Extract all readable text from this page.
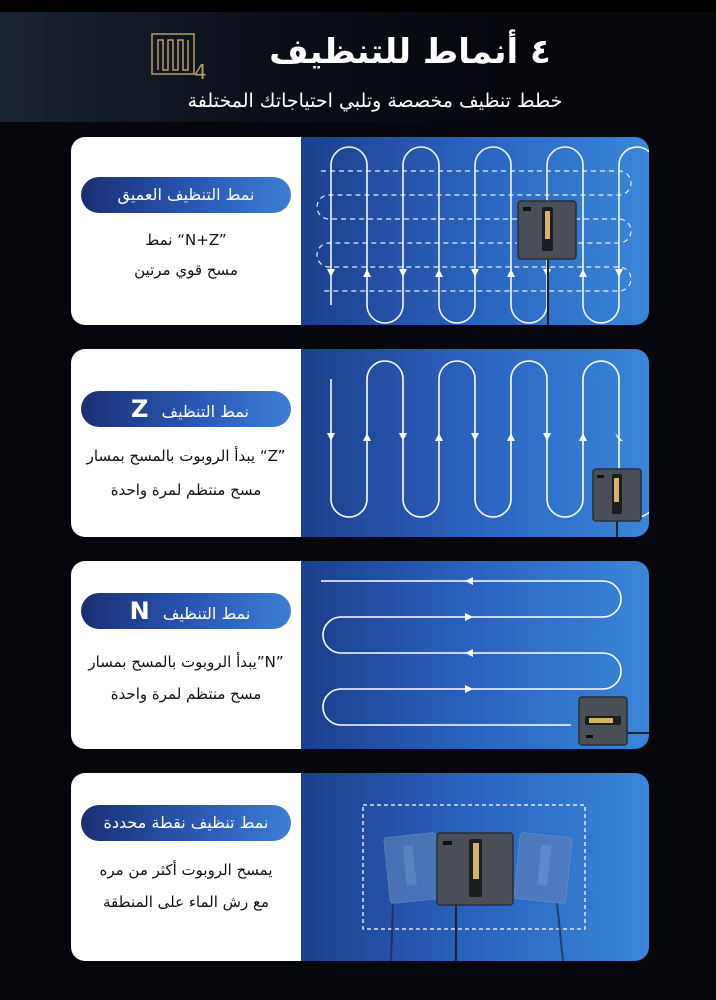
4	٤ أنماط للتنظيف
خطط تنظيف مخصصة وتلبي احتياجاتك المختلفة
نمط التنظيف العميق
نمط “N+Z”
مسح قوي مرتين
Z نمط التنظيف
يبدأ الروبوت بالمسح بمسار “Z”
مسح منتظم لمرة واحدة
N نمط التنظيف
يبدأ الروبوت بالمسح بمسار”N”
مسح منتظم لمرة واحدة
نمط تنظيف نقطة محددة
يمسح الروبوت أكثر من مره
مع رش الماء على المنطقة
